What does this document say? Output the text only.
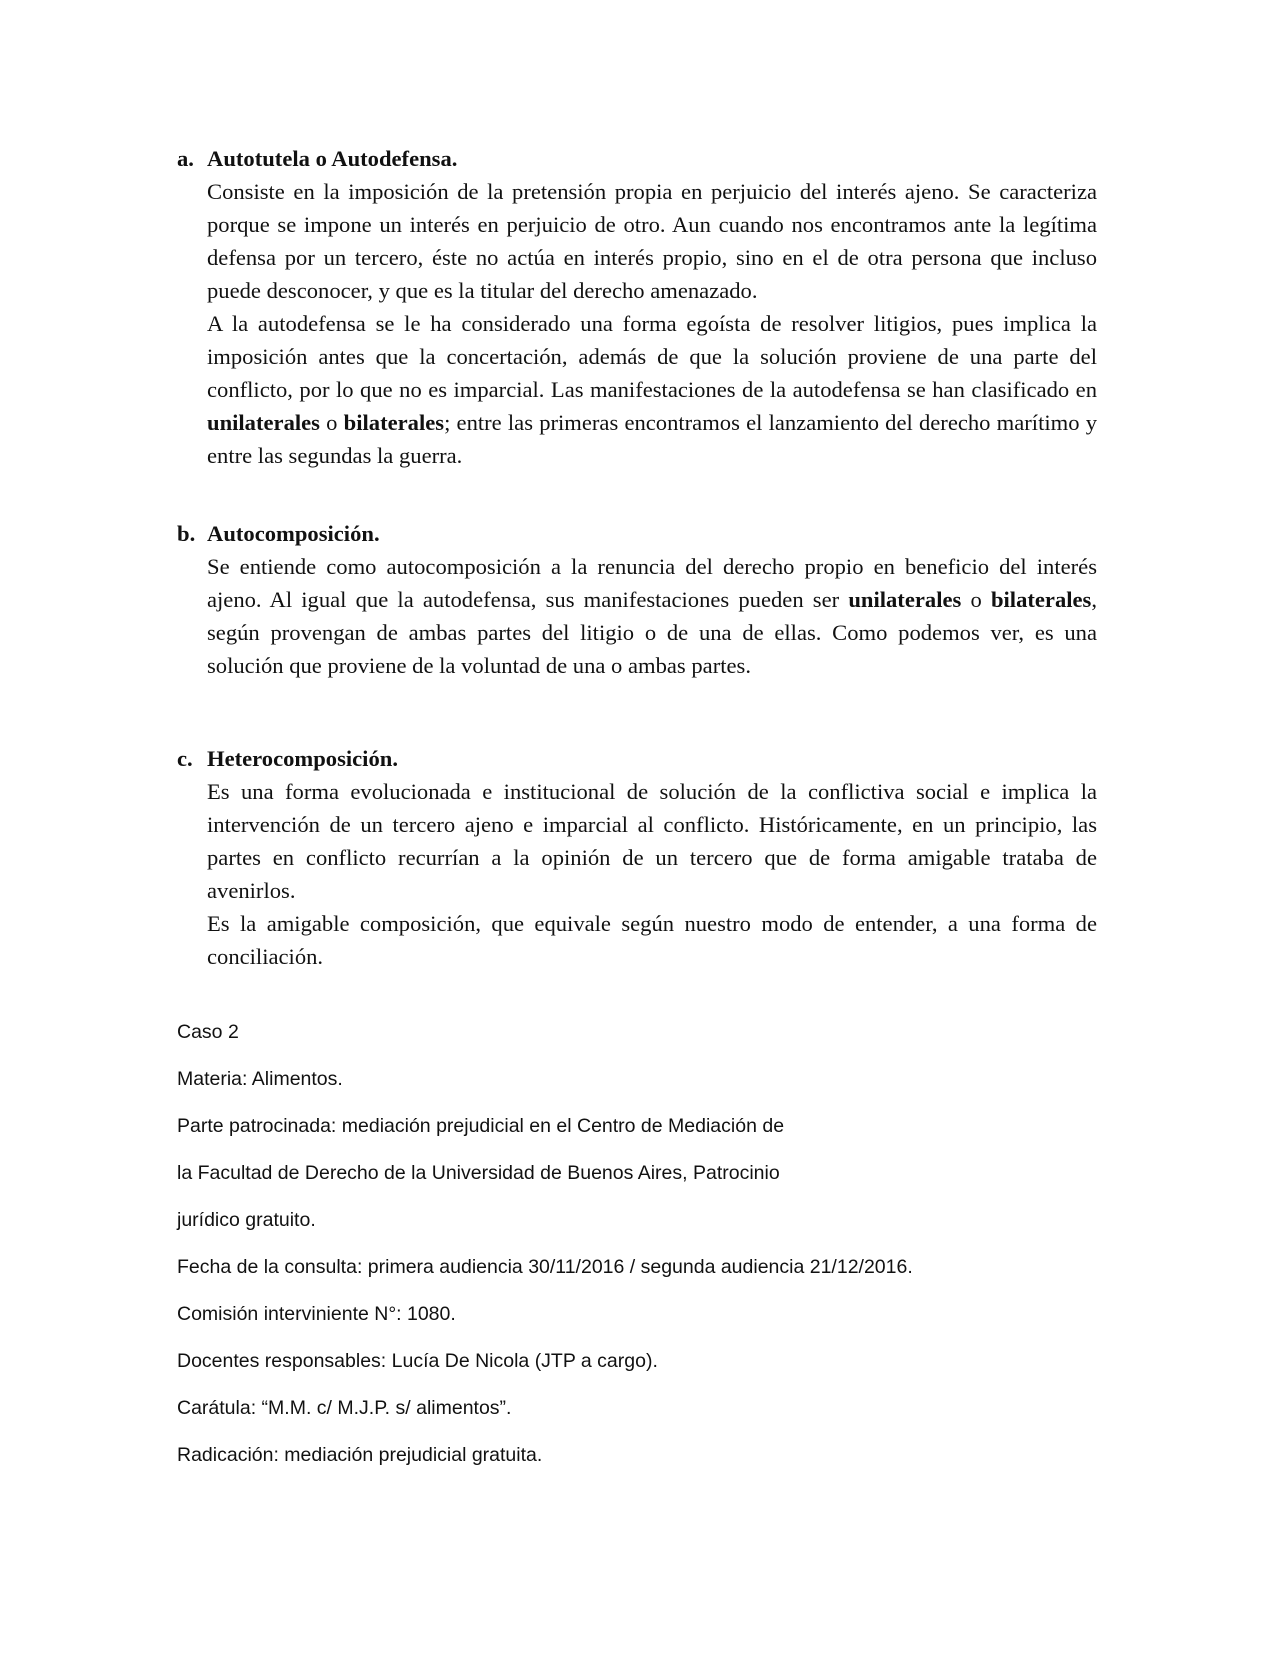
a. Autotutela o Autodefensa.
Consiste en la imposición de la pretensión propia en perjuicio del interés ajeno. Se caracteriza porque se impone un interés en perjuicio de otro. Aun cuando nos encontramos ante la legítima defensa por un tercero, éste no actúa en interés propio, sino en el de otra persona que incluso puede desconocer, y que es la titular del derecho amenazado.
A la autodefensa se le ha considerado una forma egoísta de resolver litigios, pues implica la imposición antes que la concertación, además de que la solución proviene de una parte del conflicto, por lo que no es imparcial. Las manifestaciones de la autodefensa se han clasificado en unilaterales o bilaterales; entre las primeras encontramos el lanzamiento del derecho marítimo y entre las segundas la guerra.
b. Autocomposición.
Se entiende como autocomposición a la renuncia del derecho propio en beneficio del interés ajeno. Al igual que la autodefensa, sus manifestaciones pueden ser unilaterales o bilaterales, según provengan de ambas partes del litigio o de una de ellas. Como podemos ver, es una solución que proviene de la voluntad de una o ambas partes.
c. Heterocomposición.
Es una forma evolucionada e institucional de solución de la conflictiva social e implica la intervención de un tercero ajeno e imparcial al conflicto. Históricamente, en un principio, las partes en conflicto recurrían a la opinión de un tercero que de forma amigable trataba de avenirlos.
Es la amigable composición, que equivale según nuestro modo de entender, a una forma de conciliación.
Caso 2
Materia: Alimentos.
Parte patrocinada: mediación prejudicial en el Centro de Mediación de
la Facultad de Derecho de la Universidad de Buenos Aires, Patrocinio
jurídico gratuito.
Fecha de la consulta: primera audiencia 30/11/2016 / segunda audiencia 21/12/2016.
Comisión interviniente N°: 1080.
Docentes responsables: Lucía De Nicola (JTP a cargo).
Carátula: “M.M. c/ M.J.P. s/ alimentos”.
Radicación: mediación prejudicial gratuita.
